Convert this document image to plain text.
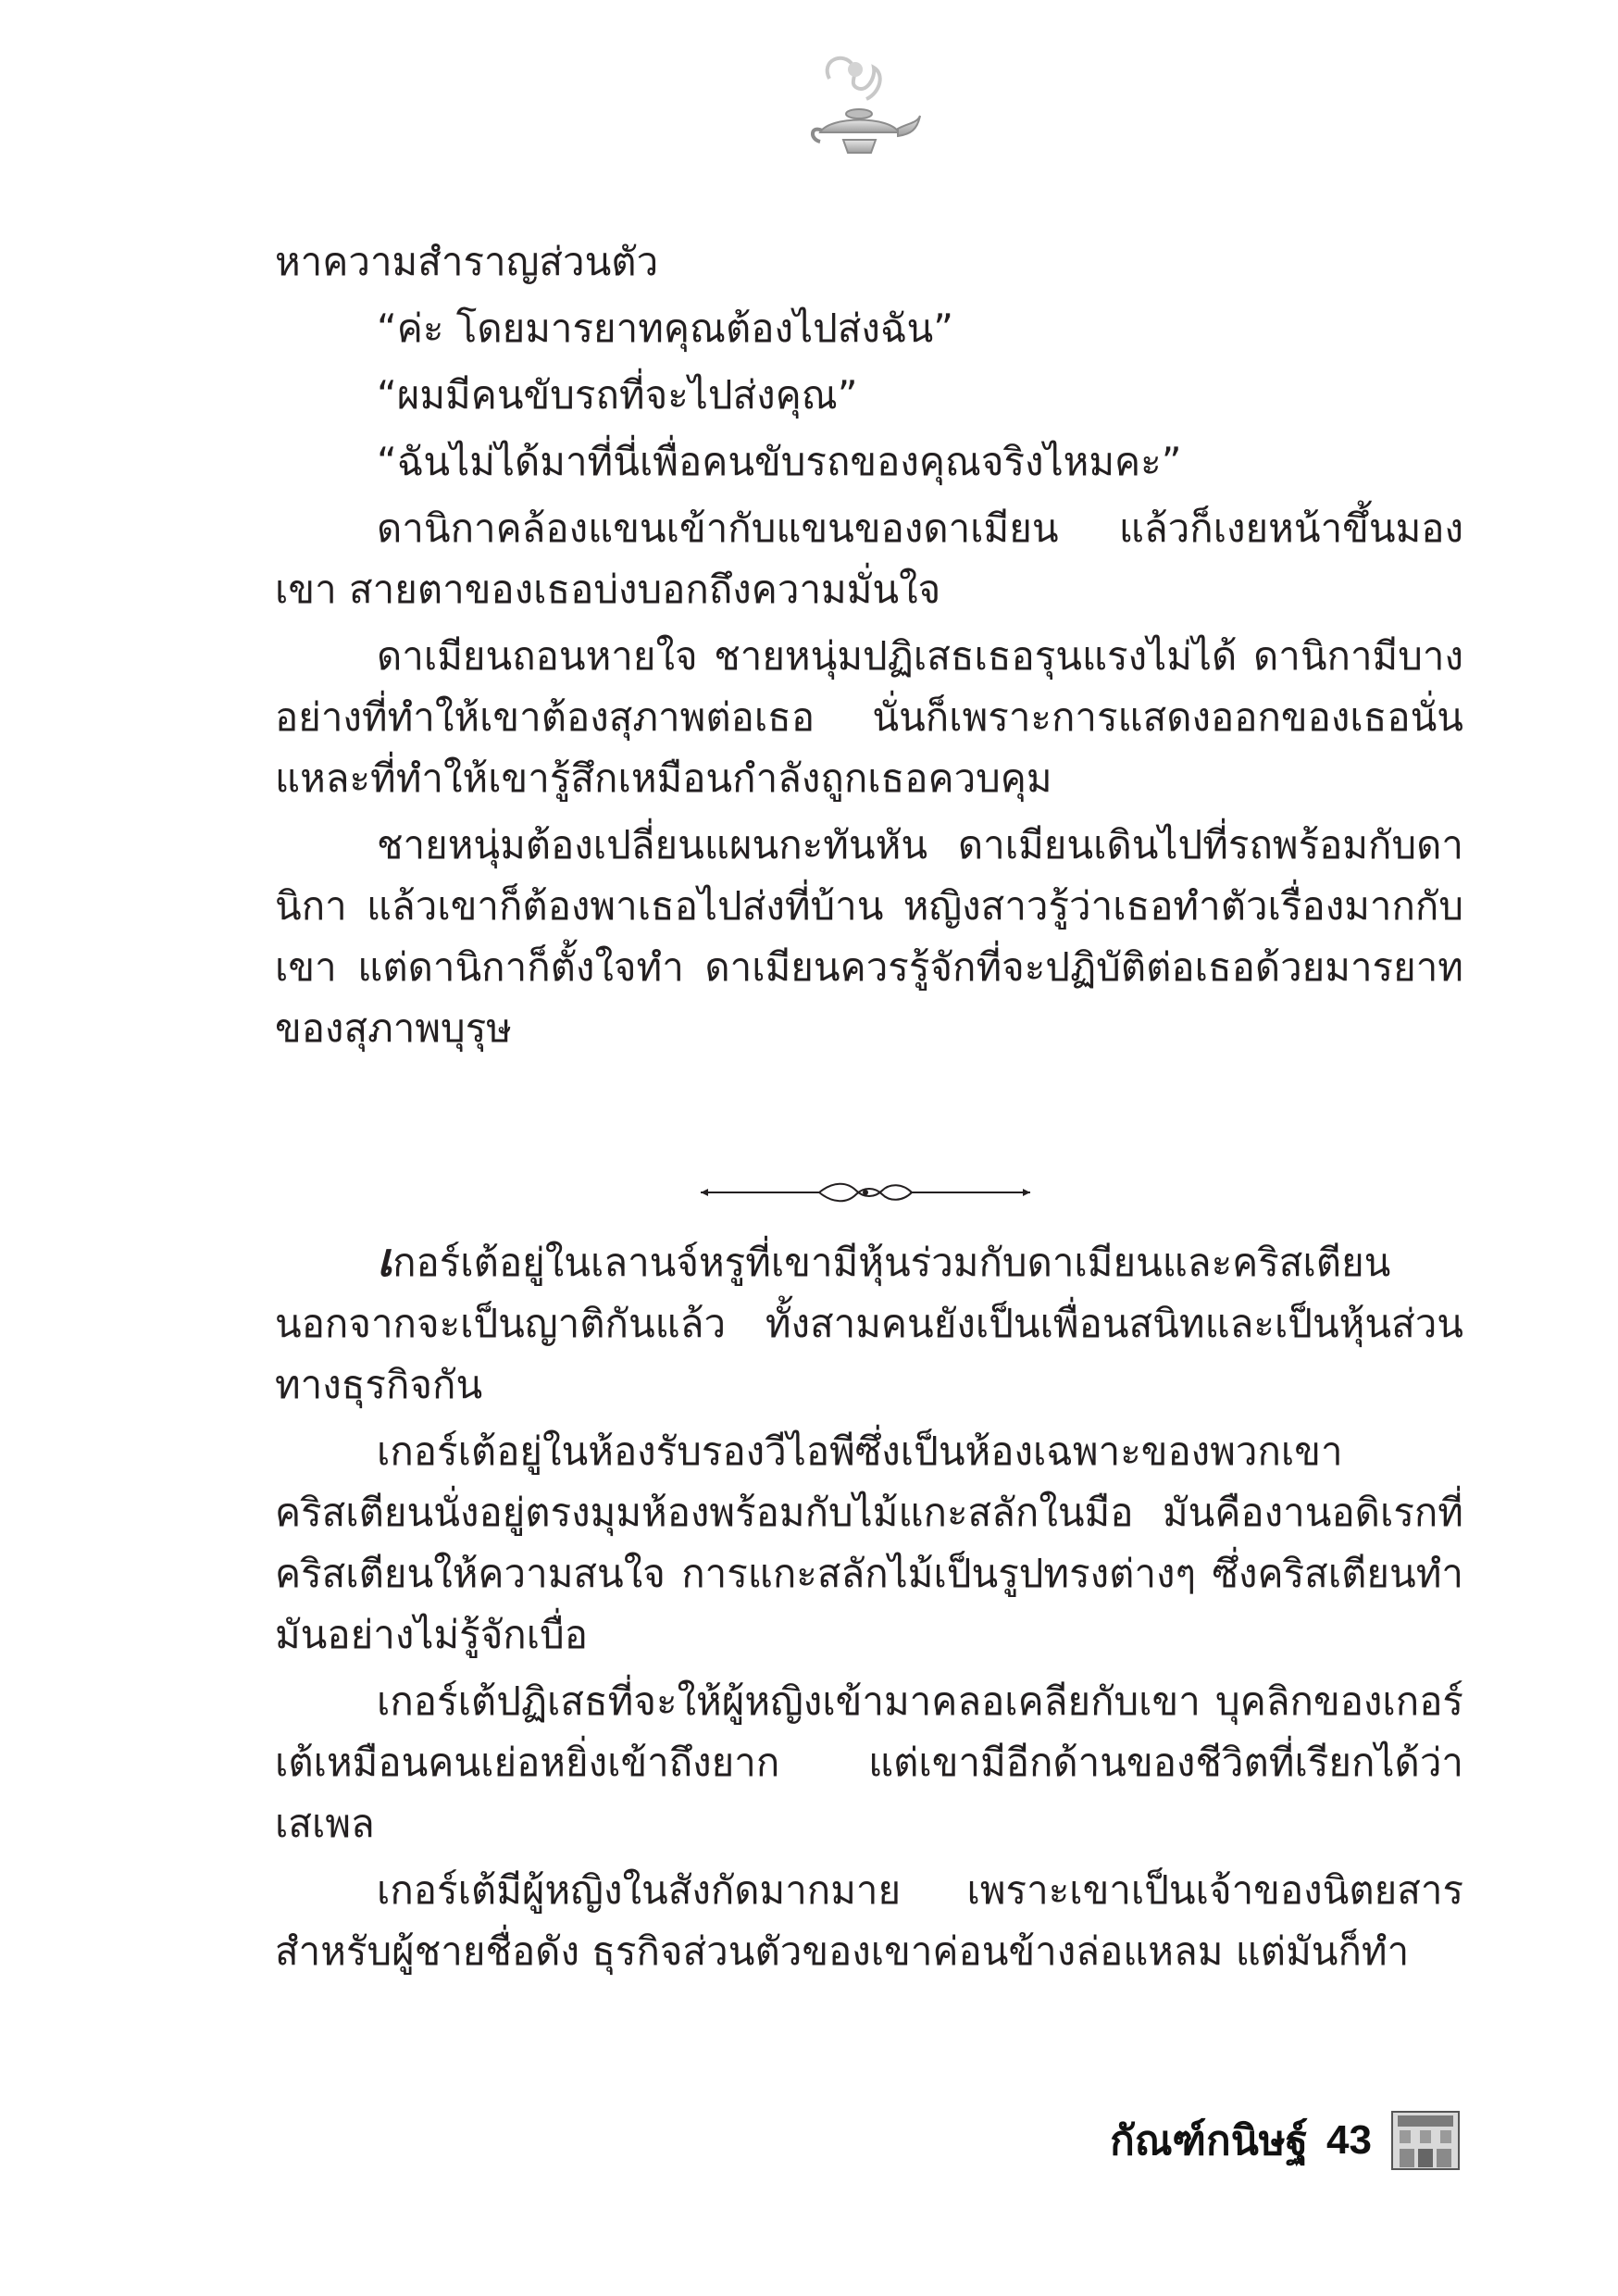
หาความสำราญส่วนตัว

“ค่ะ โดยมารยาทคุณต้องไปส่งฉัน”

“ผมมีคนขับรถที่จะไปส่งคุณ”

“ฉันไม่ได้มาที่นี่เพื่อคนขับรถของคุณจริงไหมคะ”

ดานิกาคล้องแขนเข้ากับแขนของดาเมียน แล้วก็เงยหน้าขึ้นมองเขา สายตาของเธอบ่งบอกถึงความมั่นใจ

ดาเมียนถอนหายใจ ชายหนุ่มปฏิเสธเธอรุนแรงไม่ได้ ดานิกามีบางอย่างที่ทำให้เขาต้องสุภาพต่อเธอ นั่นก็เพราะการแสดงออกของเธอนั่นแหละที่ทำให้เขารู้สึกเหมือนกำลังถูกเธอควบคุม

ชายหนุ่มต้องเปลี่ยนแผนกะทันหัน ดาเมียนเดินไปที่รถพร้อมกับดานิกา แล้วเขาก็ต้องพาเธอไปส่งที่บ้าน หญิงสาวรู้ว่าเธอทำตัวเรื่องมากกับเขา แต่ดานิกาก็ตั้งใจทำ ดาเมียนควรรู้จักที่จะปฏิบัติต่อเธอด้วยมารยาทของสุภาพบุรุษ

เกอร์เต้อยู่ในเลานจ์หรูที่เขามีหุ้นร่วมกับดาเมียนและคริสเตียน นอกจากจะเป็นญาติกันแล้ว ทั้งสามคนยังเป็นเพื่อนสนิทและเป็นหุ้นส่วนทางธุรกิจกัน

เกอร์เต้อยู่ในห้องรับรองวีไอพีซึ่งเป็นห้องเฉพาะของพวกเขา คริสเตียนนั่งอยู่ตรงมุมห้องพร้อมกับไม้แกะสลักในมือ มันคืองานอดิเรกที่คริสเตียนให้ความสนใจ การแกะสลักไม้เป็นรูปทรงต่างๆ ซึ่งคริสเตียนทำมันอย่างไม่รู้จักเบื่อ

เกอร์เต้ปฏิเสธที่จะให้ผู้หญิงเข้ามาคลอเคลียกับเขา บุคลิกของเกอร์เต้เหมือนคนเย่อหยิ่งเข้าถึงยาก แต่เขามีอีกด้านของชีวิตที่เรียกได้ว่าเสเพล

เกอร์เต้มีผู้หญิงในสังกัดมากมาย เพราะเขาเป็นเจ้าของนิตยสารสำหรับผู้ชายชื่อดัง ธุรกิจส่วนตัวของเขาค่อนข้างล่อแหลม แต่มันก็ทำ

กัณฑ์กนิษฐ์ 43
